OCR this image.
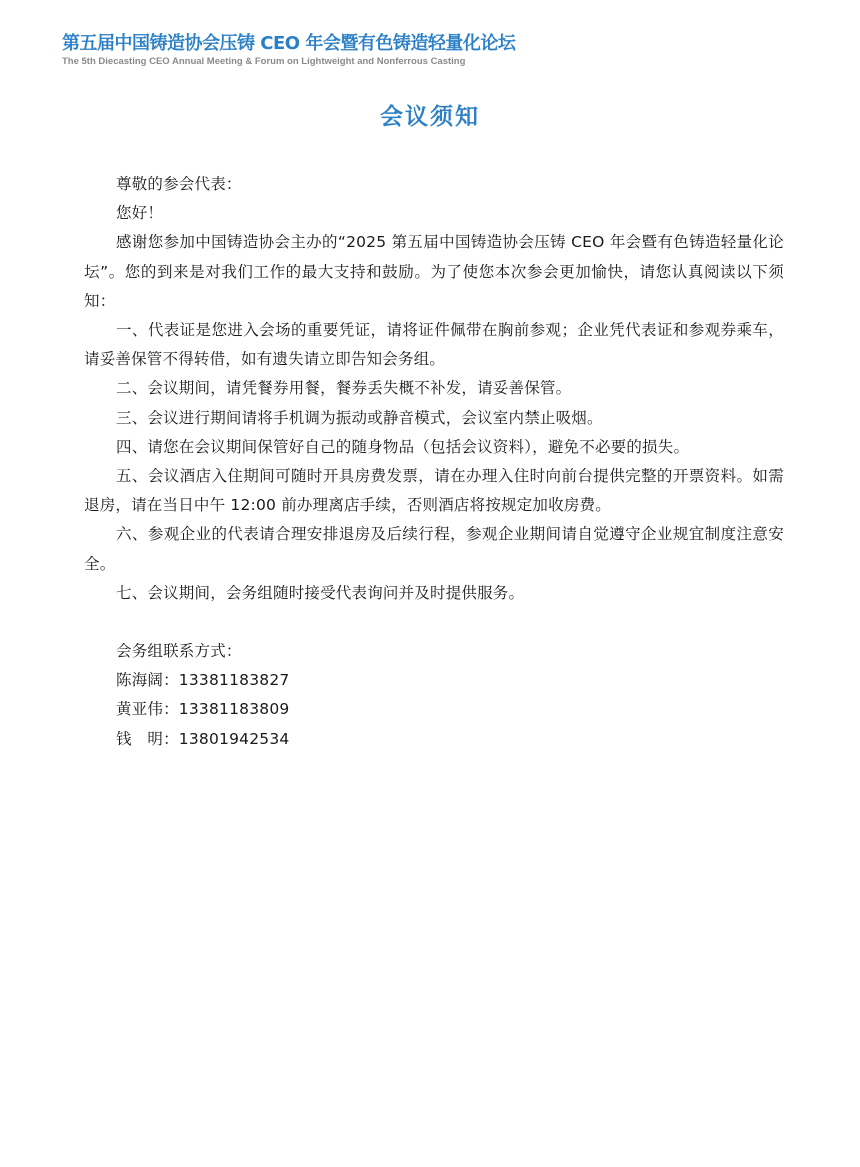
第五届中国铸造协会压铸 CEO 年会暨有色铸造轻量化论坛
The 5th Diecasting CEO Annual Meeting & Forum on Lightweight and Nonferrous Casting
会议须知

尊敬的参会代表：

您好！

感谢您参加中国铸造协会主办的“2025 第五届中国铸造协会压铸 CEO 年会暨有色铸造轻量化论坛”。您的到来是对我们工作的最大支持和鼓励。为了使您本次参会更加愉快，请您认真阅读以下须知：

一、代表证是您进入会场的重要凭证，请将证件佩带在胸前参观；企业凭代表证和参观券乘车，请妥善保管不得转借，如有遗失请立即告知会务组。

二、会议期间，请凭餐券用餐，餐券丢失概不补发，请妥善保管。

三、会议进行期间请将手机调为振动或静音模式，会议室内禁止吸烟。

四、请您在会议期间保管好自己的随身物品（包括会议资料），避免不必要的损失。

五、会议酒店入住期间可随时开具房费发票，请在办理入住时向前台提供完整的开票资料。如需退房，请在当日中午 12:00 前办理离店手续，否则酒店将按规定加收房费。

六、参观企业的代表请合理安排退房及后续行程，参观企业期间请自觉遵守企业规宜制度注意安全。

七、会议期间，会务组随时接受代表询问并及时提供服务。

会务组联系方式：

陈海阔：13381183827

黄亚伟：13381183809

钱　明：13801942534
